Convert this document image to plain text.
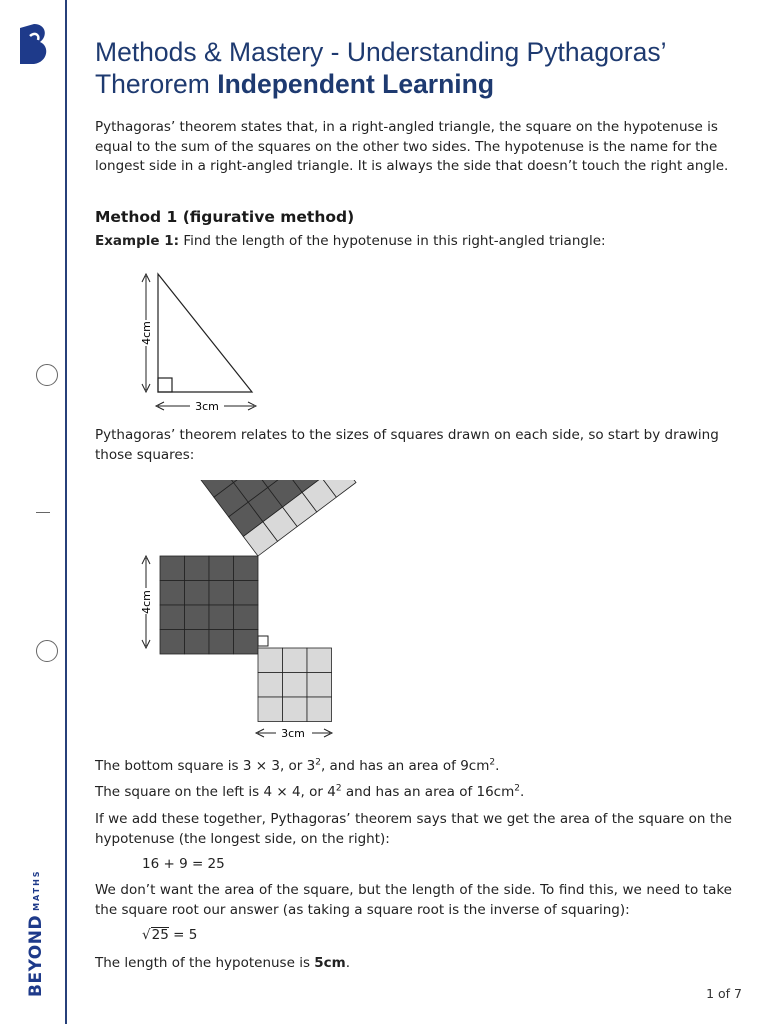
BEYOND
MATHS
Methods & Mastery - Understanding Pythagoras’
Therorem Independent Learning

Pythagoras’ theorem states that, in a right-angled triangle, the square on the hypotenuse is equal to the sum of the squares on the other two sides. The hypotenuse is the name for the longest side in a right-angled triangle. It is always the side that doesn’t touch the right angle.

Method 1 (figurative method)

Example 1: Find the length of the hypotenuse in this right-angled triangle:

4cm
3cm

Pythagoras’ theorem relates to the sizes of squares drawn on each side, so start by drawing those squares:

4cm
3cm

The bottom square is 3 × 3, or $3^2$, and has an area of $9cm^2$.

The square on the left is 4 × 4, or $4^2$ and has an area of $16cm^2$.

If we add these together, Pythagoras’ theorem says that we get the area of the square on the hypotenuse (the longest side, on the right):

16 + 9 = 25

We don’t want the area of the square, but the length of the side. To find this, we need to take the square root our answer (as taking a square root is the inverse of squaring):

√25 = 5

The length of the hypotenuse is 5cm.

1 of 7
